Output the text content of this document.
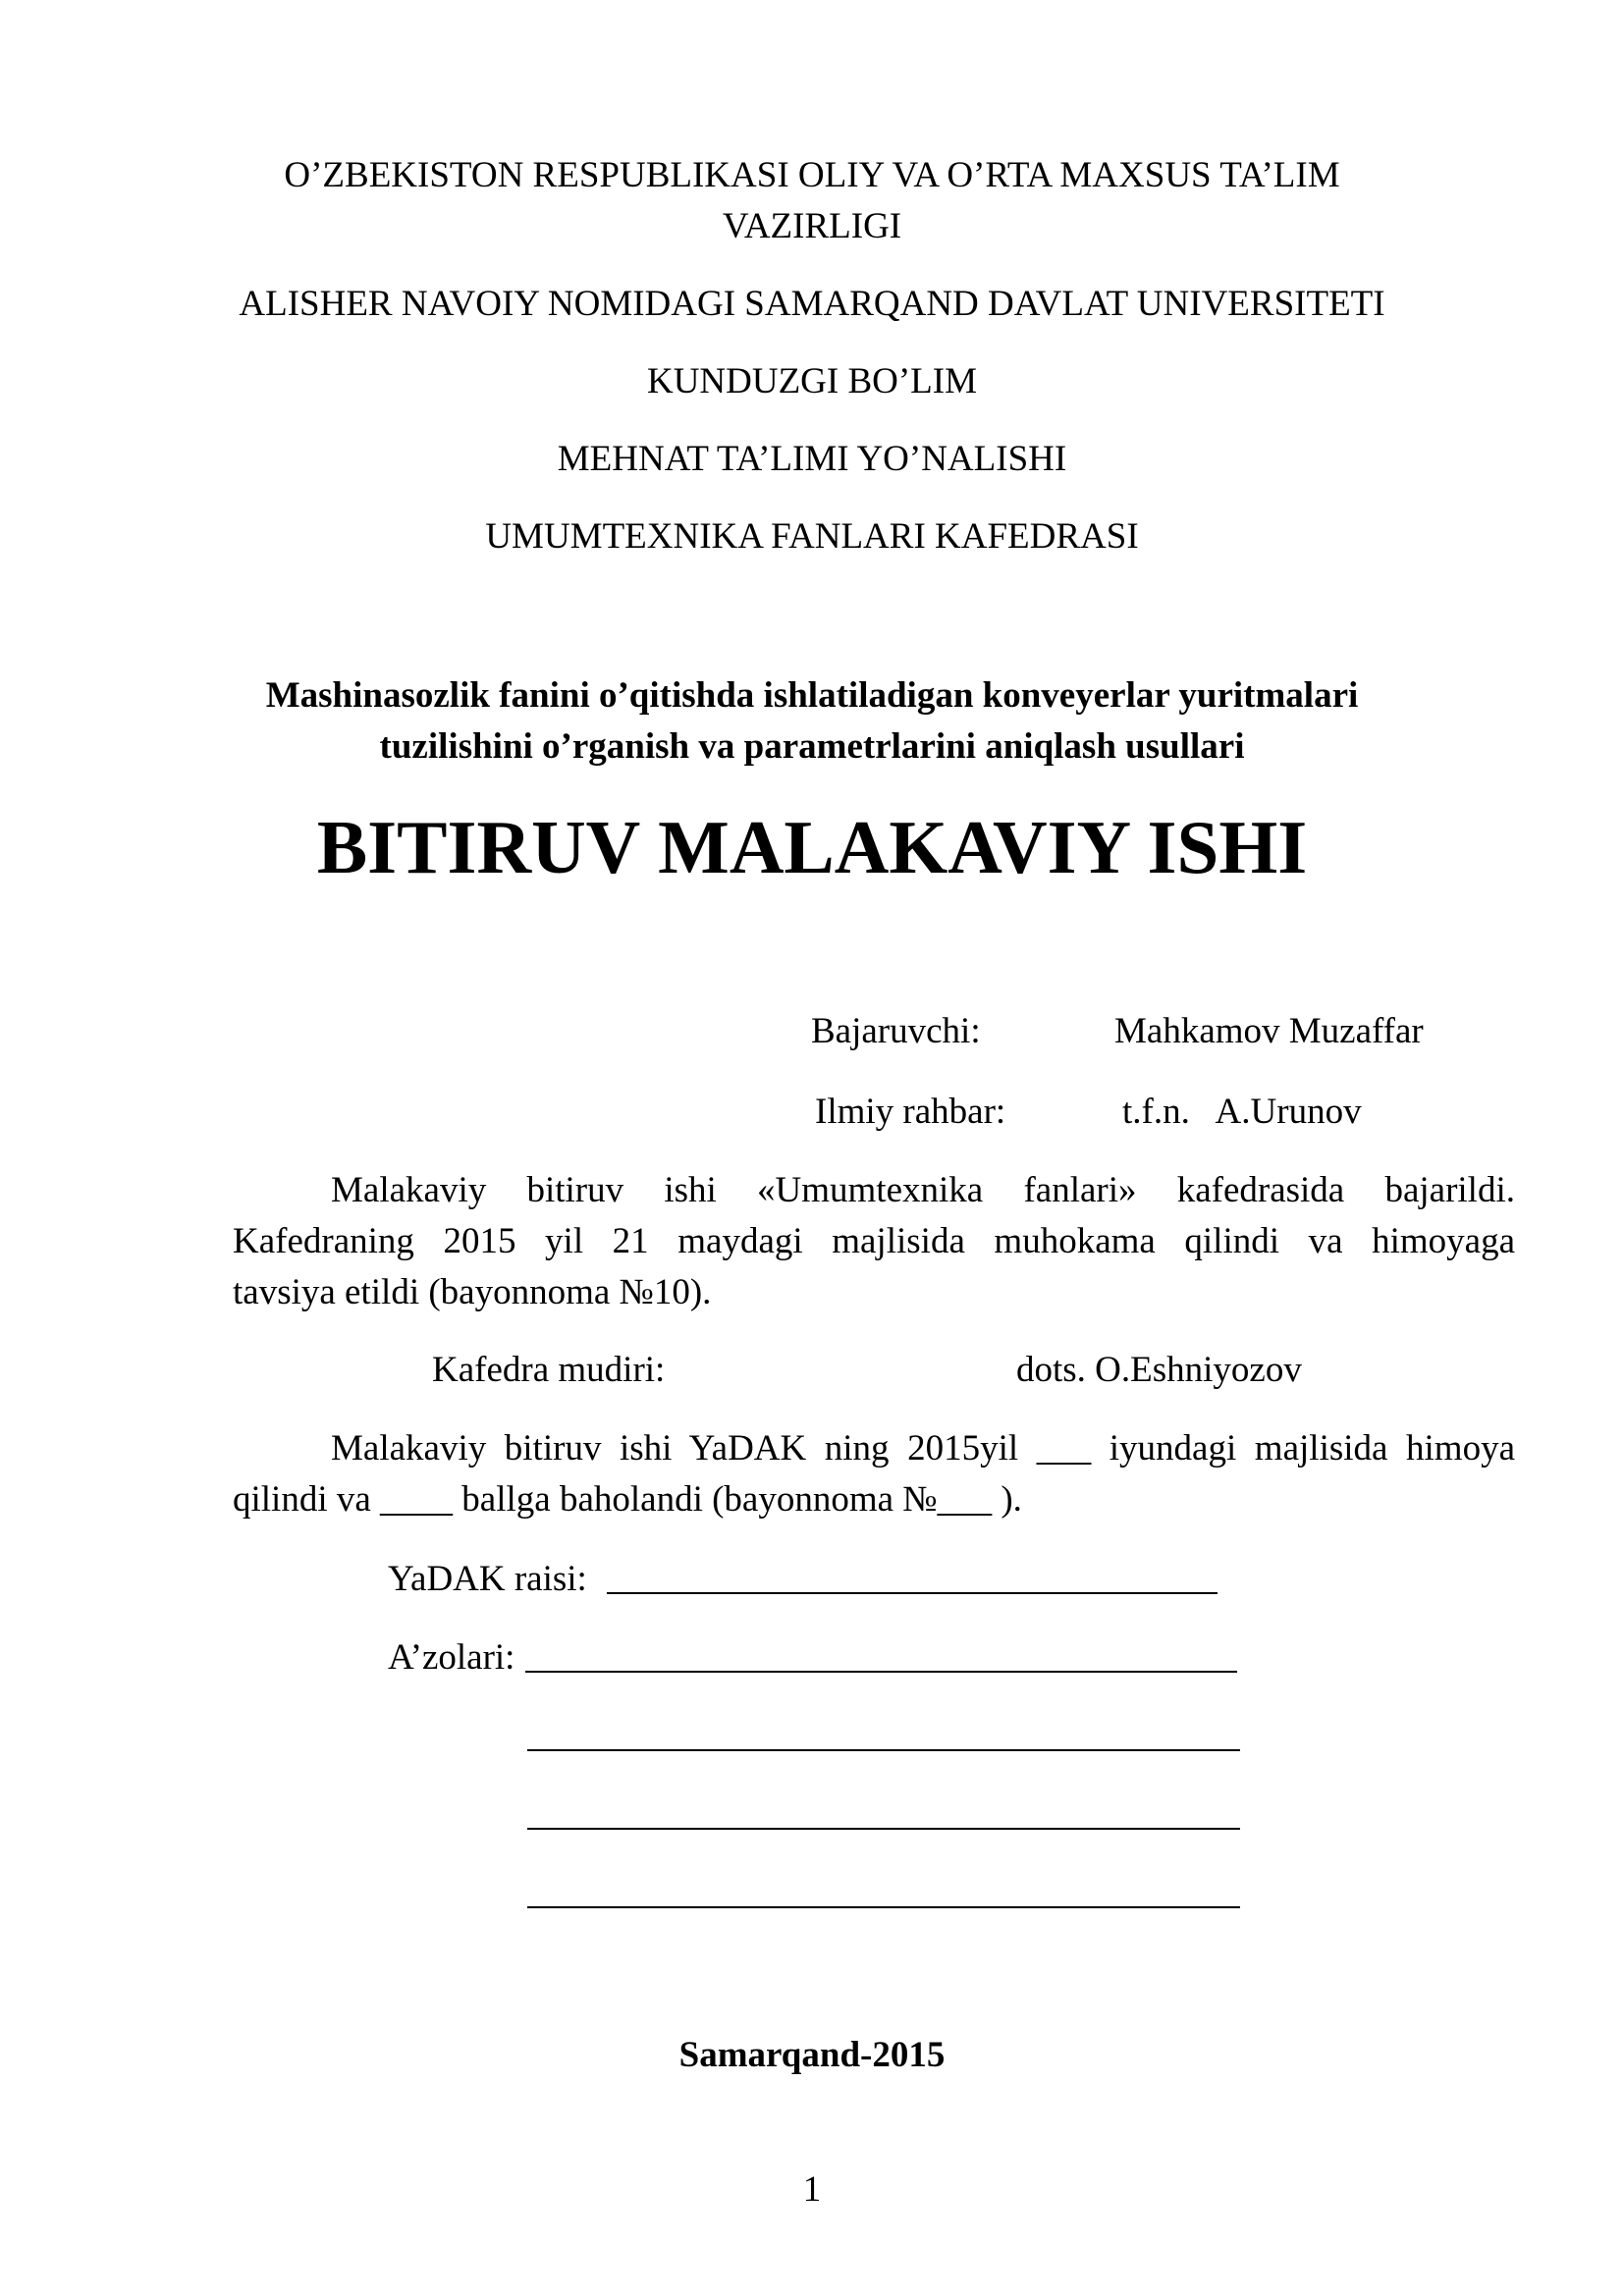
O’ZBEKISTON RESPUBLIKASI OLIY VA O’RTA MAXSUS TA’LIM
VAZIRLIGI
ALISHER NAVOIY NOMIDAGI SAMARQAND DAVLAT UNIVERSITETI
KUNDUZGI BO’LIM
MEHNAT TA’LIMI YO’NALISHI
UMUMTEXNIKA FANLARI KAFEDRASI
Mashinasozlik fanini o’qitishda ishlatiladigan konveyerlar yuritmalari
tuzilishini o’rganish va parametrlarini aniqlash usullari
BITIRUV MALAKAVIY ISHI
Bajaruvchi:	Mahkamov Muzaffar
Ilmiy rahbar:	t.f.n.   A.Urunov
Malakaviy bitiruv ishi «Umumtexnika fanlari» kafedrasida bajarildi.
Kafedraning 2015 yil 21 maydagi majlisida muhokama qilindi va himoyaga
tavsiya etildi (bayonnoma №10).
Kafedra mudiri:	dots. O.Eshniyozov
Malakaviy bitiruv ishi YaDAK ning 2015yil ___ iyundagi majlisida himoya
qilindi va ____ ballga baholandi (bayonnoma №___ ).
YaDAK raisi:
A’zolari:
Samarqand-2015
1
